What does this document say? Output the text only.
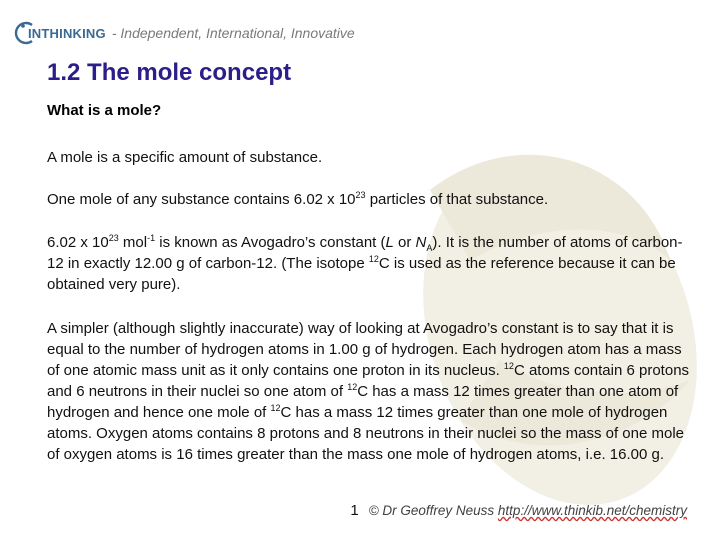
INTHINKING - Independent, International, Innovative
1.2 The mole concept
What is a mole?

A mole is a specific amount of substance.

One mole of any substance contains 6.02 x $10^{23}$ particles of that substance.

6.02 x $10^{23}$ mol$^{-1}$ is known as Avogadro’s constant (L or $N_A$). It is the number of atoms of carbon-12 in exactly 12.00 g of carbon-12. (The isotope $^{12}$C is used as the reference because it can be obtained very pure).

A simpler (although slightly inaccurate) way of looking at Avogadro’s constant is to say that it is equal to the number of hydrogen atoms in 1.00 g of hydrogen. Each hydrogen atom has a mass of one atomic mass unit as it only contains one proton in its nucleus. $^{12}$C atoms contain 6 protons and 6 neutrons in their nuclei so one atom of $^{12}$C has a mass 12 times greater than one atom of hydrogen and hence one mole of $^{12}$C has a mass 12 times greater than one mole of hydrogen atoms. Oxygen atoms contains 8 protons and 8 neutrons in their nuclei so the mass of one mole of oxygen atoms is 16 times greater than the mass one mole of hydrogen atoms, i.e. 16.00 g.

1 © Dr Geoffrey Neuss http://www.thinkib.net/chemistry
